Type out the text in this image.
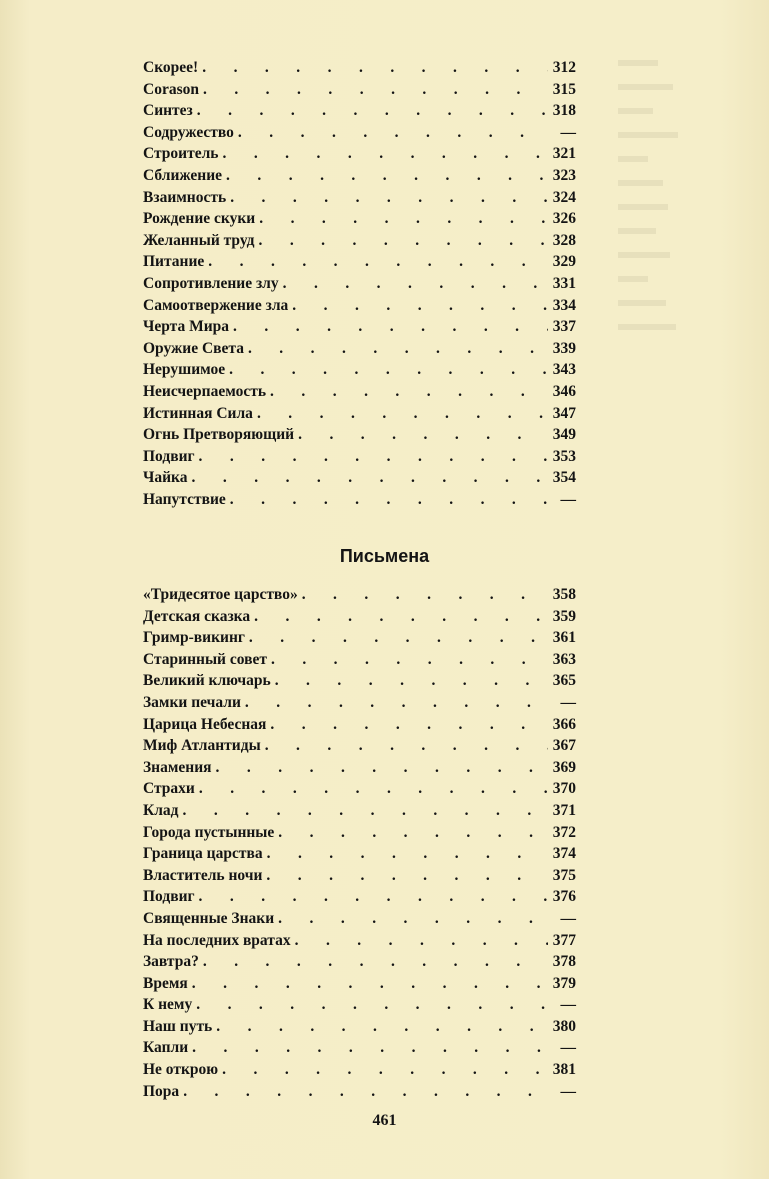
Скорее! . . .	312
Corason . . .	315
Синтез . . .	318
Содружество . . .	—
Строитель . . .	321
Сближение . . .	323
Взаимность . . .	324
Рождение скуки . . .	326
Желанный труд . . .	328
Питание . . .	329
Сопротивление злу . . .	331
Самоотвержение зла . . .	334
Черта Мира . . .	337
Оружие Света . . .	339
Нерушимое . . .	343
Неисчерпаемость . . .	346
Истинная Сила . . .	347
Огнь Претворяющий . . .	349
Подвиг . . .	353
Чайка . . .	354
Напутствие . . .	—
Письмена
«Тридесятое царство» . . .	358
Детская сказка . . .	359
Гримр-викинг . . .	361
Старинный совет . . .	363
Великий ключарь . . .	365
Замки печали . . .	—
Царица Небесная . . .	366
Миф Атлантиды . . .	367
Знамения . . .	369
Страхи . . .	370
Клад . . .	371
Города пустынные . . .	372
Граница царства . . .	374
Властитель ночи . . .	375
Подвиг . . .	376
Священные Знаки . . .	—
На последних вратах . . .	377
Завтра? . . .	378
Время . . .	379
К нему . . .	—
Наш путь . . .	380
Капли . . .	—
Не открою . . .	381
Пора . . .	—
461
